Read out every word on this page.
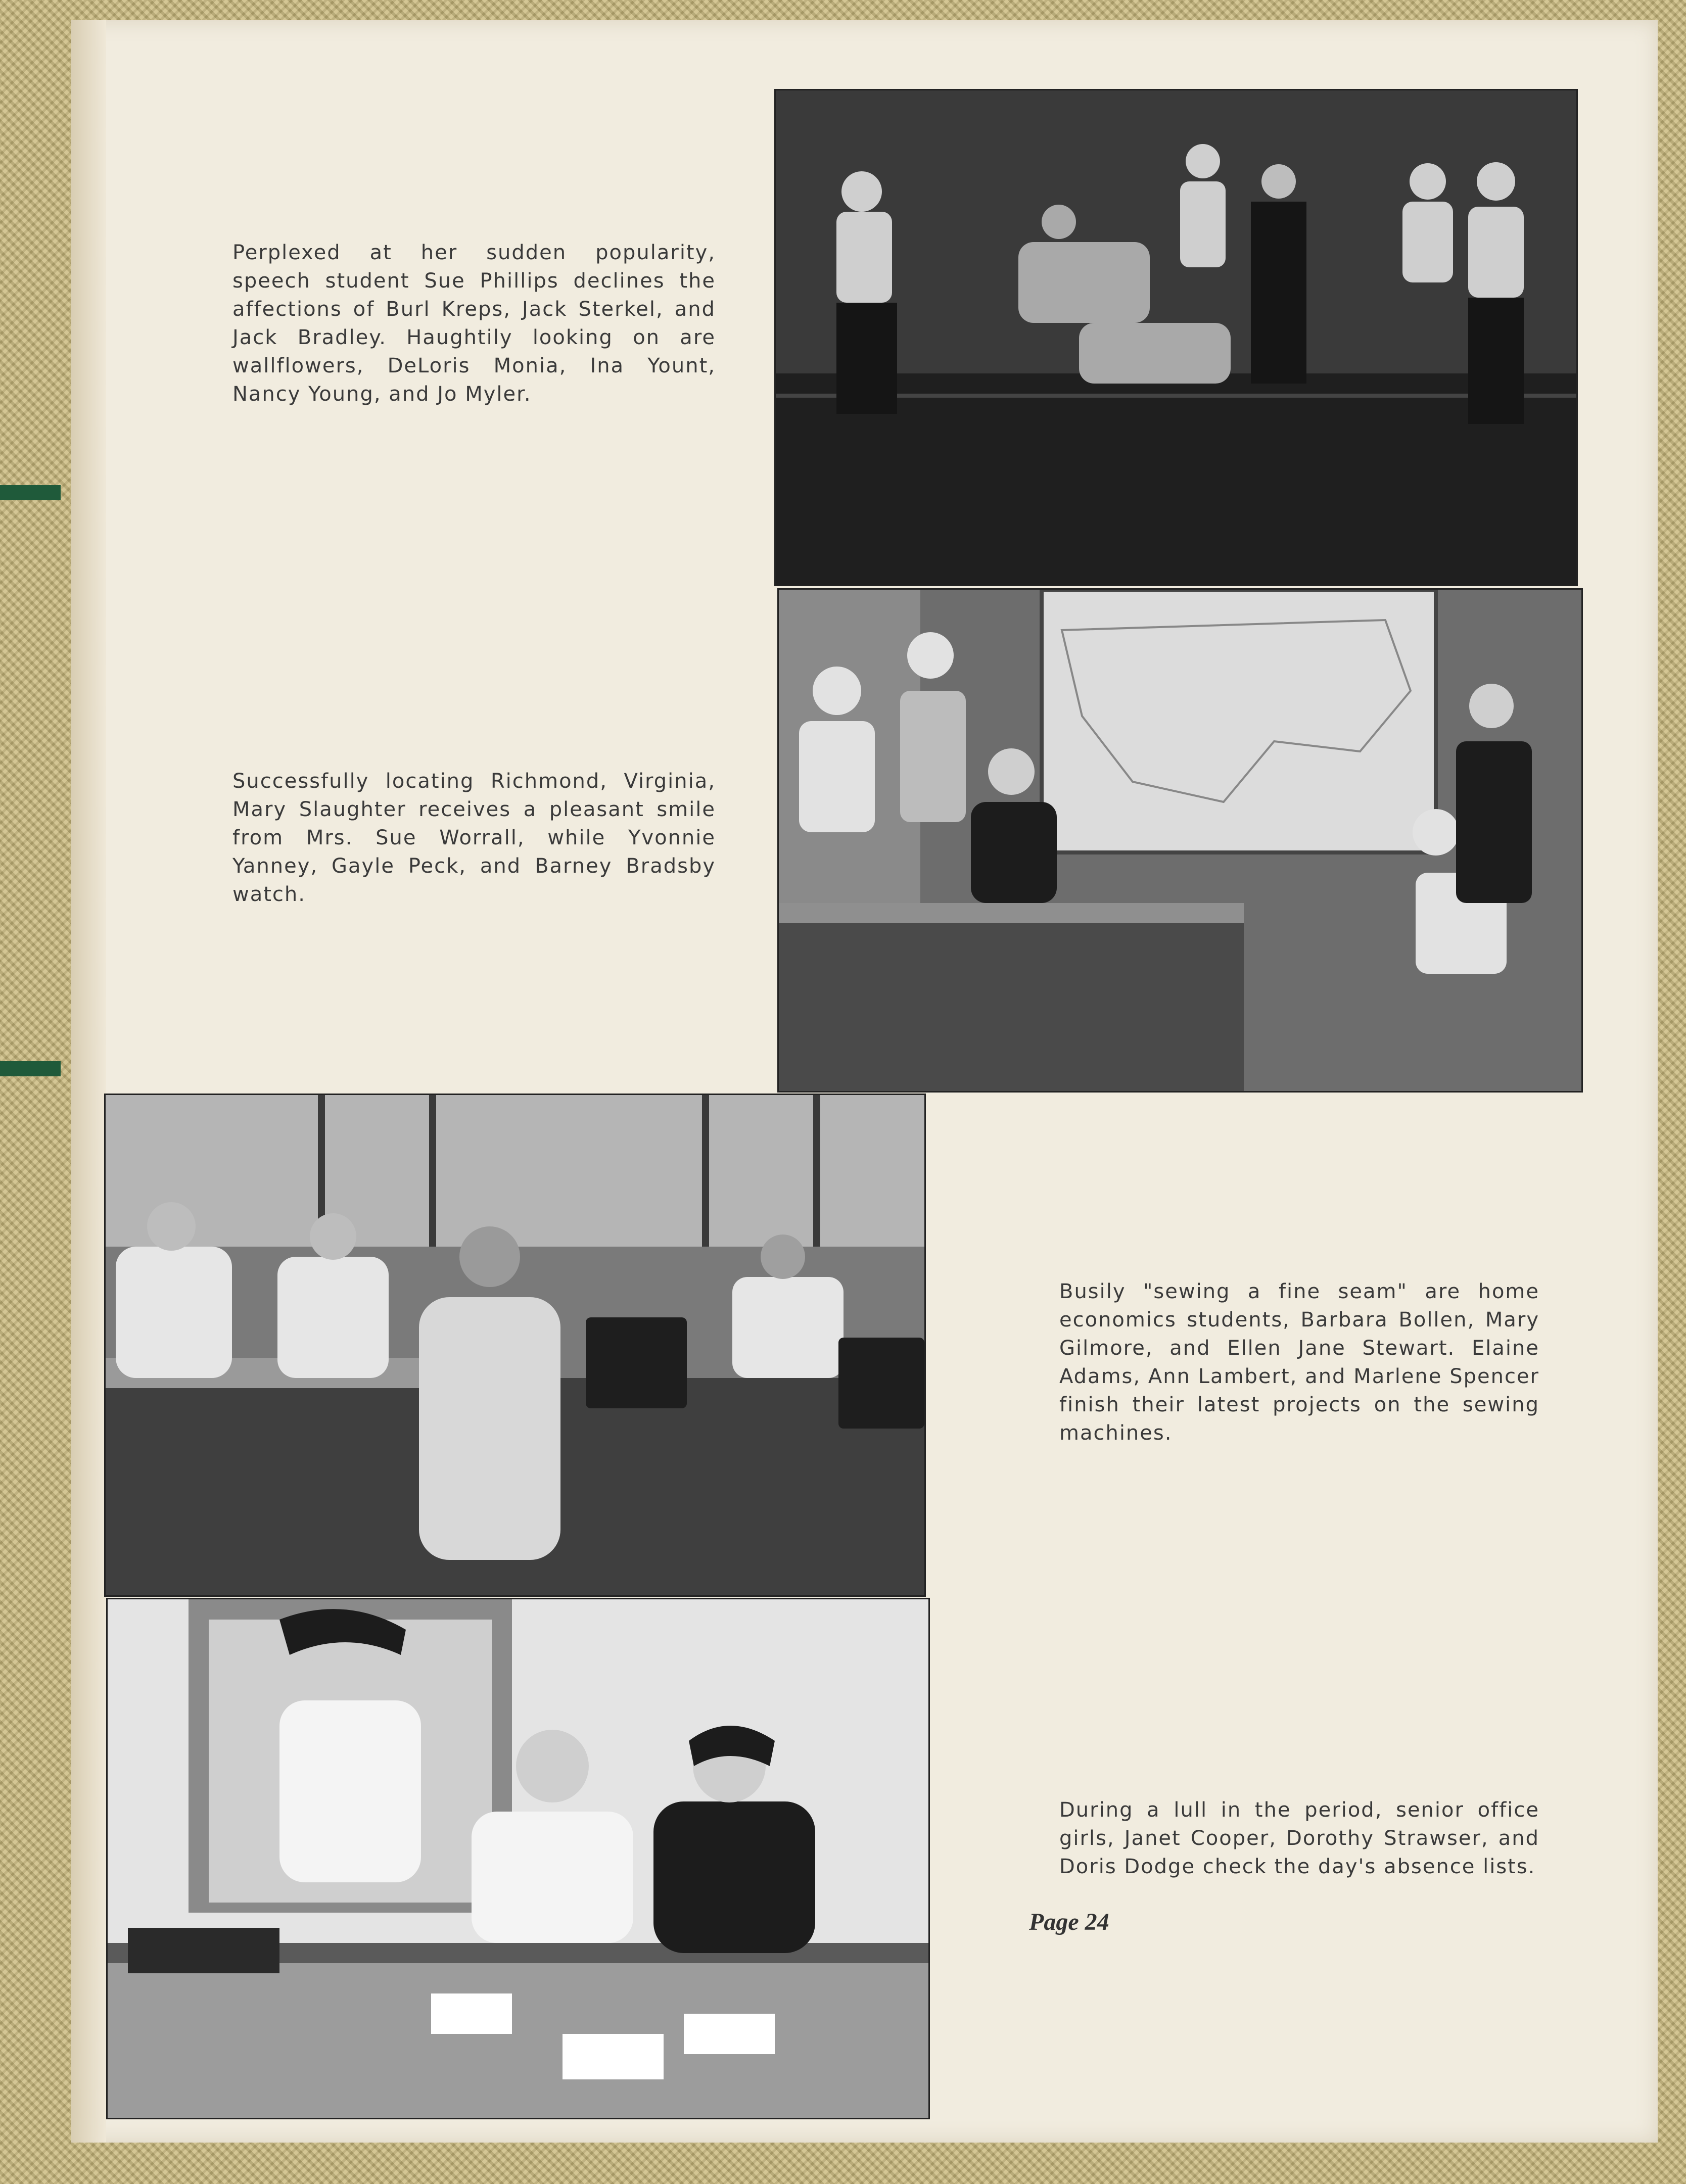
Perplexed at her sudden popularity, speech student Sue Phillips declines the affections of Burl Kreps, Jack Sterkel, and Jack Bradley. Haughtily looking on are wallflowers, DeLoris Monia, Ina Yount, Nancy Young, and Jo Myler.
Successfully locating Richmond, Virginia, Mary Slaughter receives a pleasant smile from Mrs. Sue Worrall, while Yvonnie Yanney, Gayle Peck, and Barney Bradsby watch.
Busily "sewing a fine seam" are home economics students, Barbara Bollen, Mary Gilmore, and Ellen Jane Stewart. Elaine Adams, Ann Lambert, and Marlene Spencer finish their latest projects on the sewing machines.
During a lull in the period, senior office girls, Janet Cooper, Dorothy Strawser, and Doris Dodge check the day's absence lists.
Page 24
